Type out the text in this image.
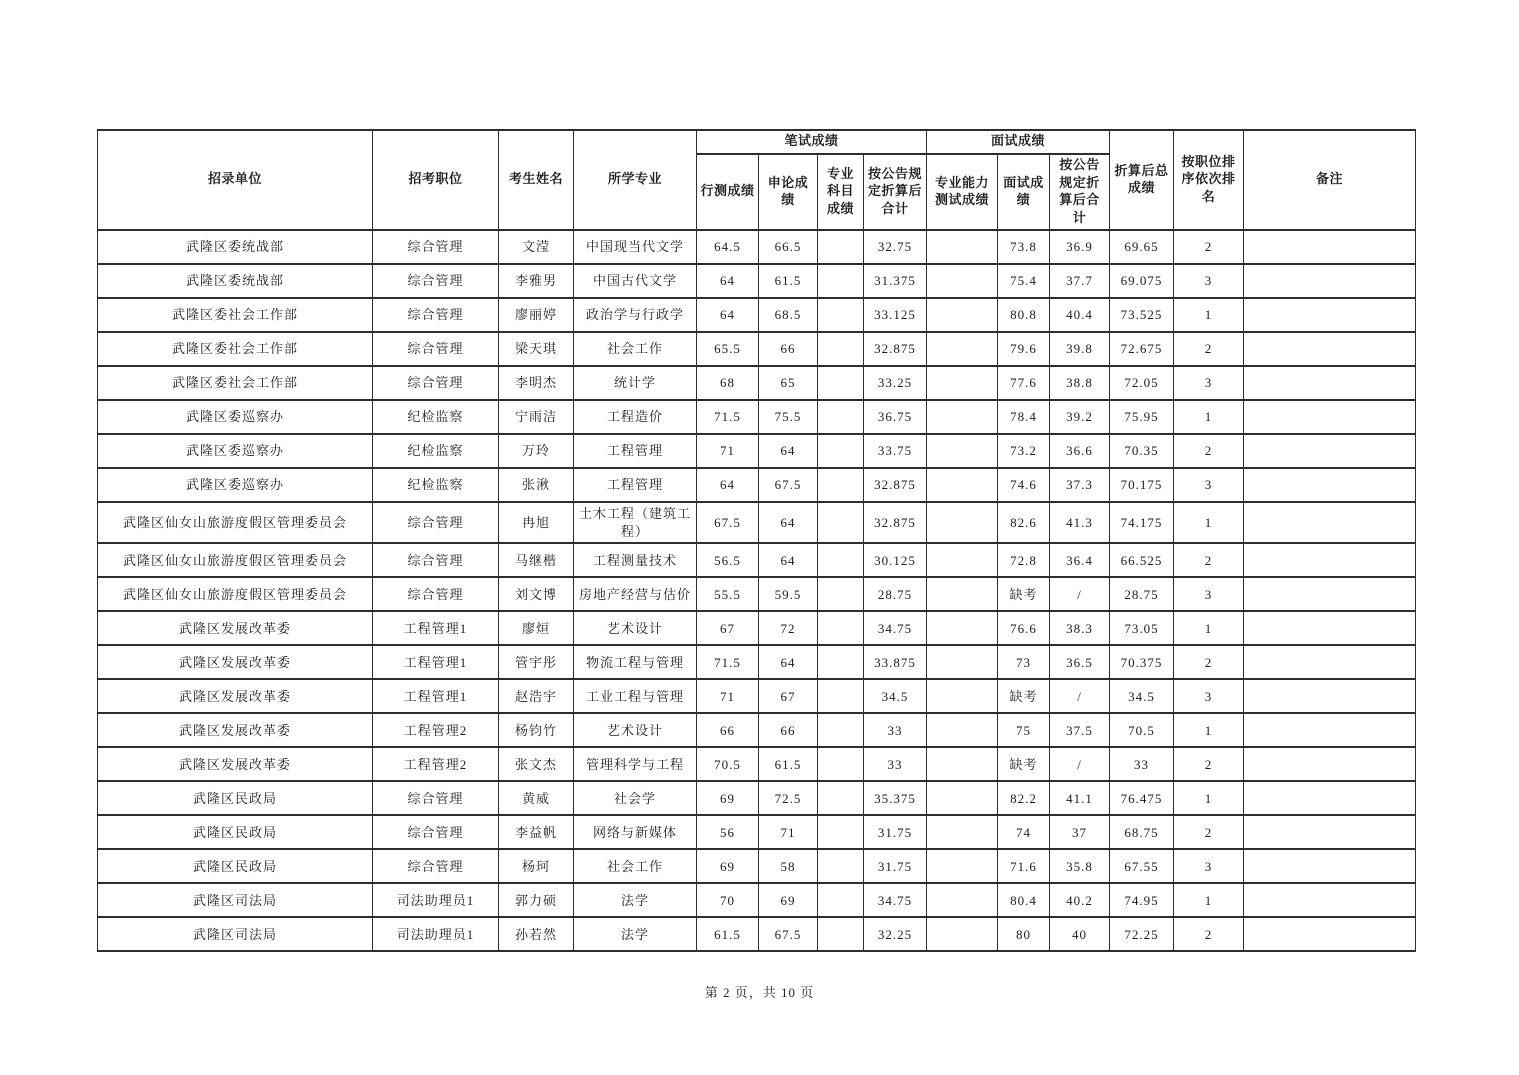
招录单位	招考职位	考生姓名	所学专业	笔试成绩				面试成绩			折算后总成绩	按职位排序依次排名	备注
				行测成绩	申论成绩	专业科目成绩	按公告规定折算后合计	专业能力测试成绩	面试成绩	按公告规定折算后合计			
武隆区委统战部	综合管理	文滢	中国现当代文学	64.5	66.5		32.75		73.8	36.9	69.65	2	
武隆区委统战部	综合管理	李雅男	中国古代文学	64	61.5		31.375		75.4	37.7	69.075	3	
武隆区委社会工作部	综合管理	廖丽婷	政治学与行政学	64	68.5		33.125		80.8	40.4	73.525	1	
武隆区委社会工作部	综合管理	梁天琪	社会工作	65.5	66		32.875		79.6	39.8	72.675	2	
武隆区委社会工作部	综合管理	李明杰	统计学	68	65		33.25		77.6	38.8	72.05	3	
武隆区委巡察办	纪检监察	宁雨洁	工程造价	71.5	75.5		36.75		78.4	39.2	75.95	1	
武隆区委巡察办	纪检监察	万玲	工程管理	71	64		33.75		73.2	36.6	70.35	2	
武隆区委巡察办	纪检监察	张湫	工程管理	64	67.5		32.875		74.6	37.3	70.175	3	
武隆区仙女山旅游度假区管理委员会	综合管理	冉旭	土木工程（建筑工程）	67.5	64		32.875		82.6	41.3	74.175	1	
武隆区仙女山旅游度假区管理委员会	综合管理	马继楷	工程测量技术	56.5	64		30.125		72.8	36.4	66.525	2	
武隆区仙女山旅游度假区管理委员会	综合管理	刘文博	房地产经营与估价	55.5	59.5		28.75		缺考	/	28.75	3	
武隆区发展改革委	工程管理1	廖烜	艺术设计	67	72		34.75		76.6	38.3	73.05	1	
武隆区发展改革委	工程管理1	管宇彤	物流工程与管理	71.5	64		33.875		73	36.5	70.375	2	
武隆区发展改革委	工程管理1	赵浩宇	工业工程与管理	71	67		34.5		缺考	/	34.5	3	
武隆区发展改革委	工程管理2	杨钧竹	艺术设计	66	66		33		75	37.5	70.5	1	
武隆区发展改革委	工程管理2	张文杰	管理科学与工程	70.5	61.5		33		缺考	/	33	2	
武隆区民政局	综合管理	黄威	社会学	69	72.5		35.375		82.2	41.1	76.475	1	
武隆区民政局	综合管理	李益帆	网络与新媒体	56	71		31.75		74	37	68.75	2	
武隆区民政局	综合管理	杨珂	社会工作	69	58		31.75		71.6	35.8	67.55	3	
武隆区司法局	司法助理员1	郭力硕	法学	70	69		34.75		80.4	40.2	74.95	1	
武隆区司法局	司法助理员1	孙若然	法学	61.5	67.5		32.25		80	40	72.25	2	
第 2 页，共 10 页
